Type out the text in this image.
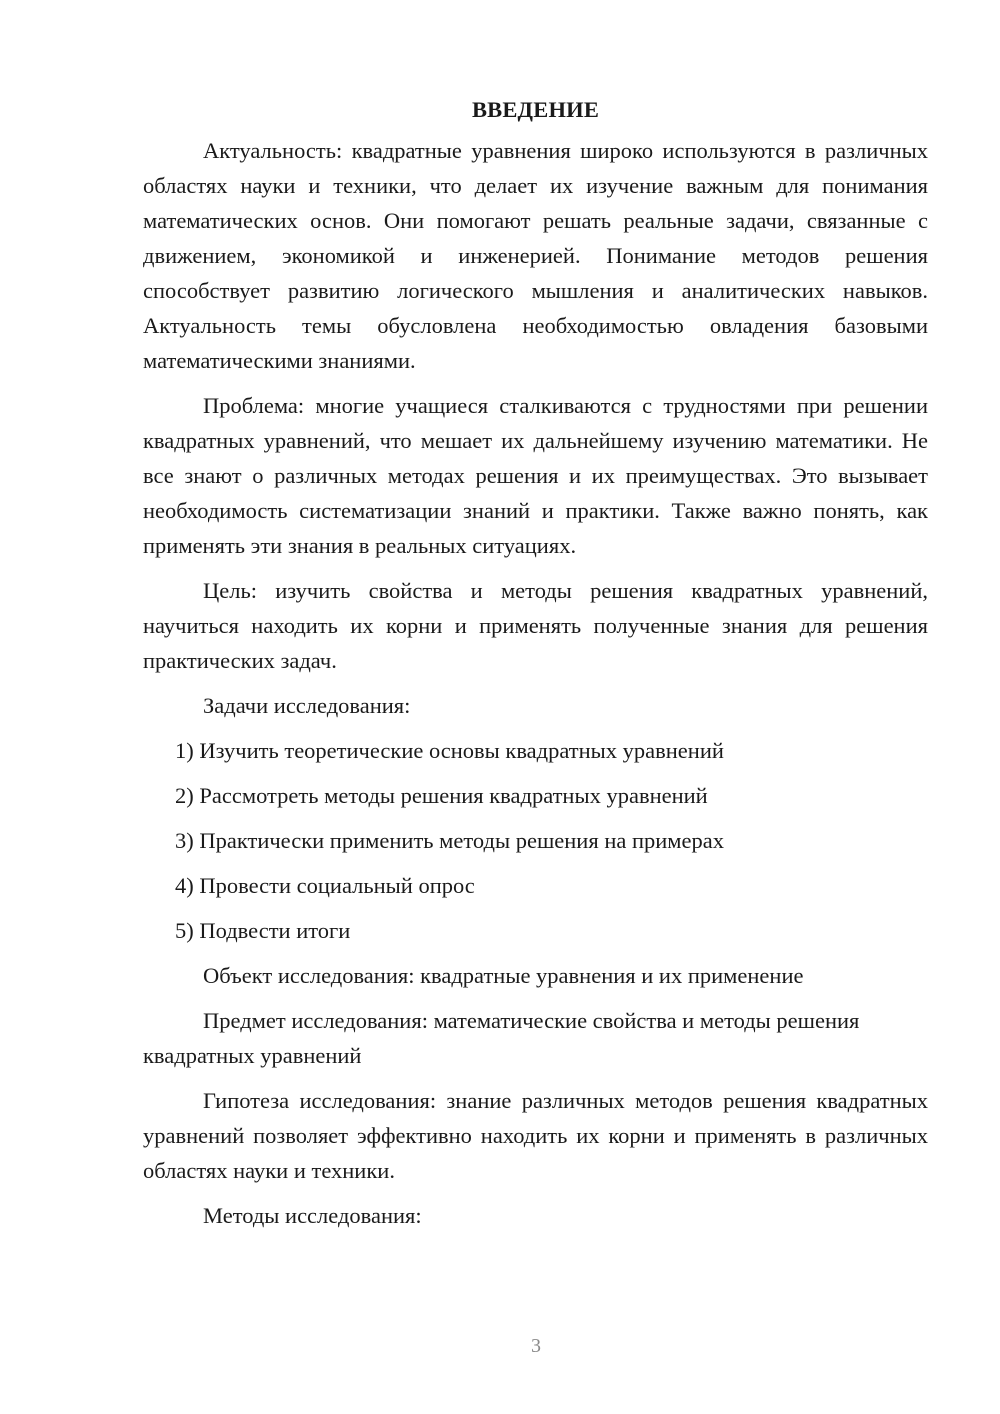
ВВЕДЕНИЕ

Актуальность: квадратные уравнения широко используются в различных областях науки и техники, что делает их изучение важным для понимания математических основ. Они помогают решать реальные задачи, связанные с движением, экономикой и инженерией. Понимание методов решения способствует развитию логического мышления и аналитических навыков. Актуальность темы обусловлена необходимостью овладения базовыми математическими знаниями.

Проблема: многие учащиеся сталкиваются с трудностями при решении квадратных уравнений, что мешает их дальнейшему изучению математики. Не все знают о различных методах решения и их преимуществах. Это вызывает необходимость систематизации знаний и практики. Также важно понять, как применять эти знания в реальных ситуациях.

Цель: изучить свойства и методы решения квадратных уравнений, научиться находить их корни и применять полученные знания для решения практических задач.

Задачи исследования:

1) Изучить теоретические основы квадратных уравнений
2) Рассмотреть методы решения квадратных уравнений
3) Практически применить методы решения на примерах
4) Провести социальный опрос
5) Подвести итоги

Объект исследования: квадратные уравнения и их применение

Предмет исследования: математические свойства и методы решения квадратных уравнений

Гипотеза исследования: знание различных методов решения квадратных уравнений позволяет эффективно находить их корни и применять в различных областях науки и техники.

Методы исследования:

3
